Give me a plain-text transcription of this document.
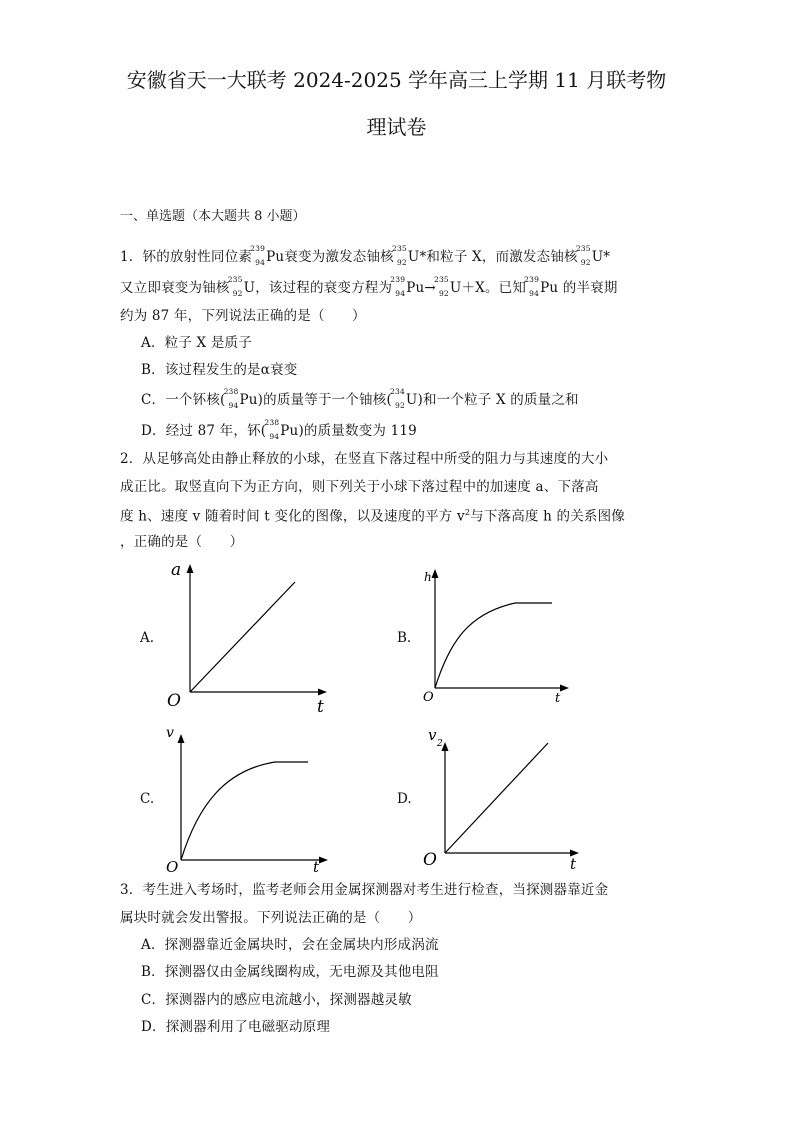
安徽省天一大联考 2024-2025 学年高三上学期 11 月联考物
理试卷
一、单选题（本大题共 8 小题）
1．钚的放射性同位素
239
94 Pu衰变为激发态铀核
235
92 U*和粒子 X，而激发态铀核
235
92 U*
又立即衰变为铀核
235
92 U，该过程的衰变方程为
239
94 Pu→
235
92 U＋X。已知
239
94 Pu 的半衰期
约为 87 年，下列说法正确的是（　　）
A．粒子 X 是质子
B．该过程发生的是α衰变
C．一个钚核(
238
94 Pu)的质量等于一个铀核(
234
92 U)和一个粒子 X 的质量之和
D．经过 87 年，钚(
238
94 Pu)的质量数变为 119
2．从足够高处由静止释放的小球，在竖直下落过程中所受的阻力与其速度的大小
成正比。取竖直向下为正方向，则下列关于小球下落过程中的加速度 a、下落高
度 h、速度 v 随着时间 t 变化的图像，以及速度的平方 $v^2$与下落高度 h 的关系图像
，正确的是（　　）
A.
a
O	t
B.
h
O	t
C.
v
O	t
D.
v 2
O	t
3．考生进入考场时，监考老师会用金属探测器对考生进行检查，当探测器靠近金
属块时就会发出警报。下列说法正确的是（　　）
A．探测器靠近金属块时，会在金属块内形成涡流
B．探测器仅由金属线圈构成，无电源及其他电阻
C．探测器内的感应电流越小，探测器越灵敏
D．探测器利用了电磁驱动原理
